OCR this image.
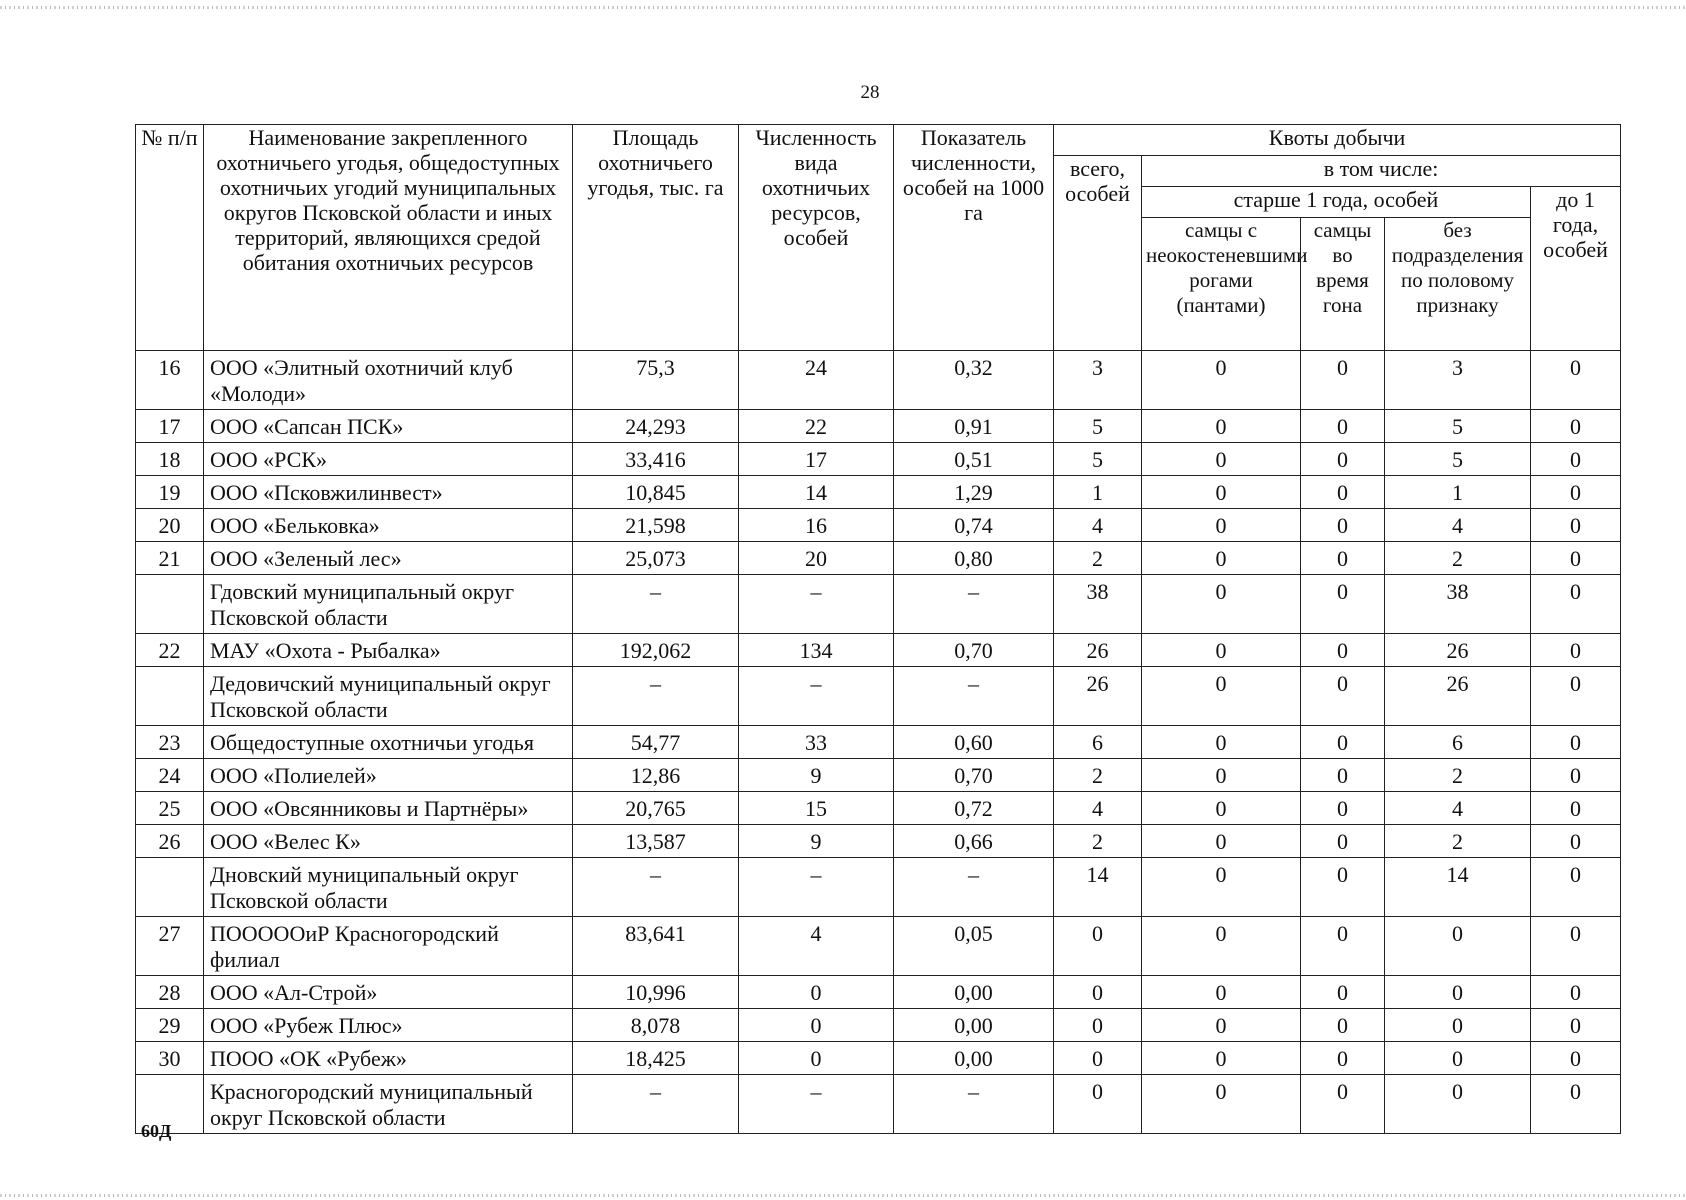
28
№ п/п	Наименование закрепленного охотничьего угодья, общедоступных охотничьих угодий муниципальных округов Псковской области и иных территорий, являющихся средой обитания охотничьих ресурсов	Площадь охотничьего угодья, тыс. га	Численность вида охотничьих ресурсов, особей	Показатель численности, особей на 1000 га	Квоты добычи				
					всего, особей	в том числе:			
						старше 1 года, особей			до 1 года, особей
						самцы с неокостеневшими рогами (пантами)	самцы во время гона	без подразделения по половому признаку	
16	ООО «Элитный охотничий клуб «Молоди»	75,3	24	0,32	3	0	0	3	0
17	ООО «Сапсан ПСК»	24,293	22	0,91	5	0	0	5	0
18	ООО «РСК»	33,416	17	0,51	5	0	0	5	0
19	ООО «Псковжилинвест»	10,845	14	1,29	1	0	0	1	0
20	ООО «Бельковка»	21,598	16	0,74	4	0	0	4	0
21	ООО «Зеленый лес»	25,073	20	0,80	2	0	0	2	0
	Гдовский муниципальный округ Псковской области	–	–	–	38	0	0	38	0
22	МАУ «Охота - Рыбалка»	192,062	134	0,70	26	0	0	26	0
	Дедовичский муниципальный округ Псковской области	–	–	–	26	0	0	26	0
23	Общедоступные охотничьи угодья	54,77	33	0,60	6	0	0	6	0
24	ООО «Полиелей»	12,86	9	0,70	2	0	0	2	0
25	ООО «Овсянниковы и Партнёры»	20,765	15	0,72	4	0	0	4	0
26	ООО «Велес К»	13,587	9	0,66	2	0	0	2	0
	Дновский муниципальный округ Псковской области	–	–	–	14	0	0	14	0
27	ПОООООиР Красногородский филиал	83,641	4	0,05	0	0	0	0	0
28	ООО «Ал-Строй»	10,996	0	0,00	0	0	0	0	0
29	ООО «Рубеж Плюс»	8,078	0	0,00	0	0	0	0	0
30	ПООО «ОК «Рубеж»	18,425	0	0,00	0	0	0	0	0
	Красногородский муниципальный округ Псковской области	–	–	–	0	0	0	0	0
60Д
